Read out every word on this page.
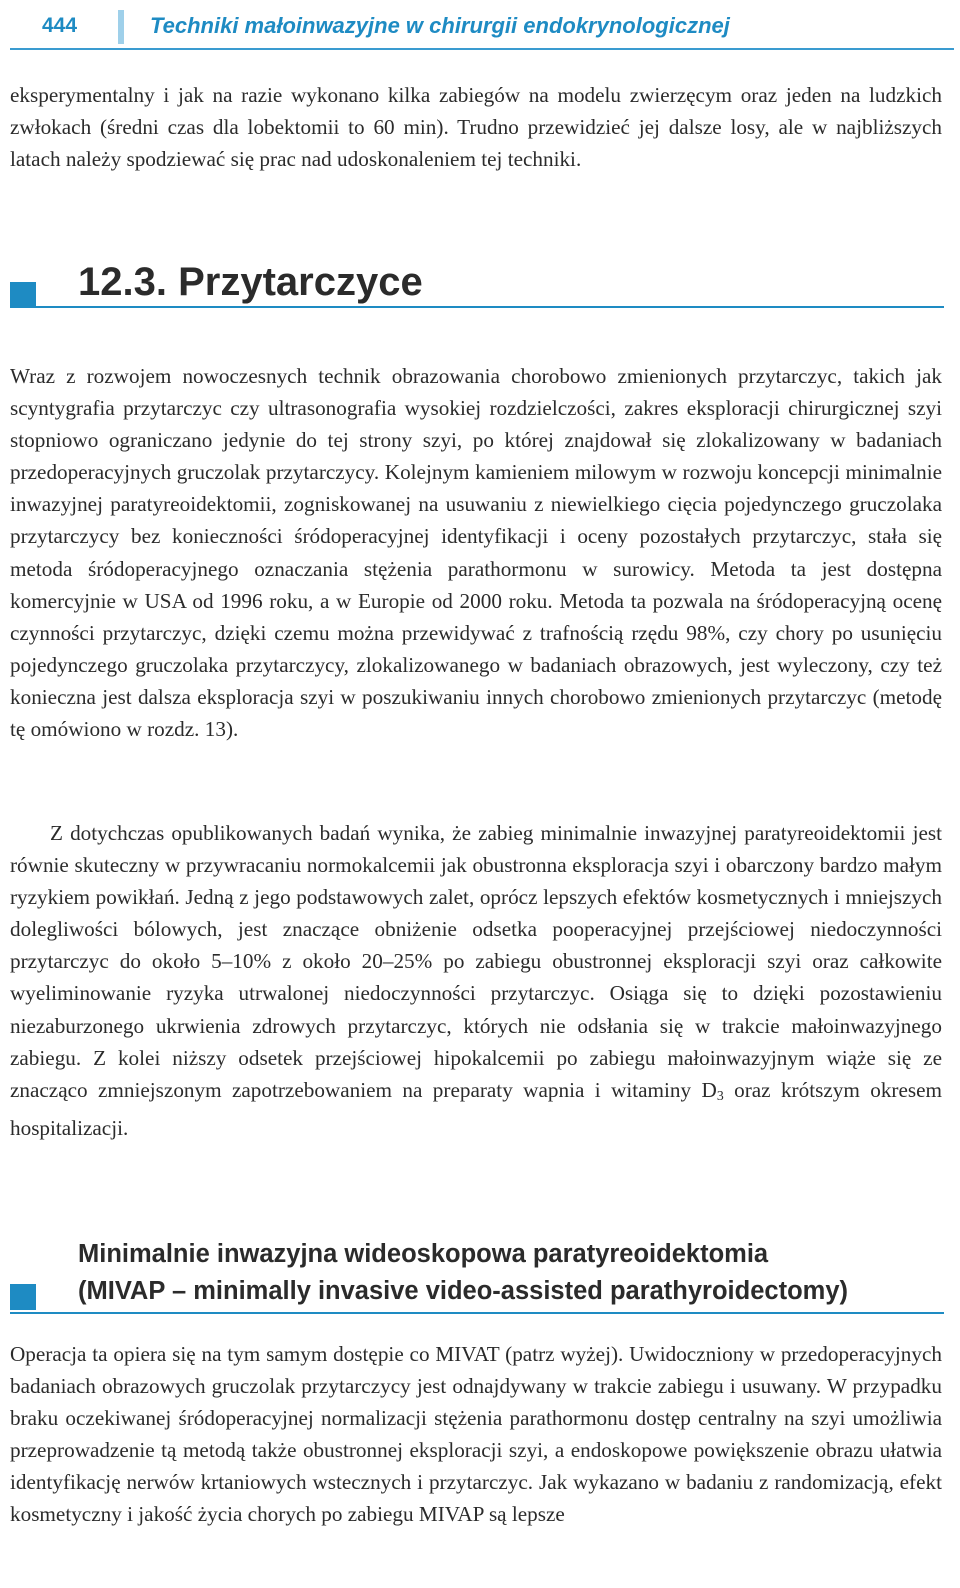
444	Techniki małoinwazyjne w chirurgii endokrynologicznej

eksperymentalny i jak na razie wykonano kilka zabiegów na modelu zwierzęcym oraz jeden na ludzkich zwłokach (średni czas dla lobektomii to 60 min). Trudno przewidzieć jej dalsze losy, ale w najbliższych latach należy spodziewać się prac nad udoskonaleniem tej techniki.

12.3. Przytarczyce

Wraz z rozwojem nowoczesnych technik obrazowania chorobowo zmienionych przytarczyc, takich jak scyntygrafia przytarczyc czy ultrasonografia wysokiej rozdzielczości, zakres eksploracji chirurgicznej szyi stopniowo ograniczano jedynie do tej strony szyi, po której znajdował się zlokalizowany w badaniach przedoperacyjnych gruczolak przytarczycy. Kolejnym kamieniem milowym w rozwoju koncepcji minimalnie inwazyjnej paratyreoidektomii, zogniskowanej na usuwaniu z niewielkiego cięcia pojedynczego gruczolaka przytarczycy bez konieczności śródoperacyjnej identyfikacji i oceny pozostałych przytarczyc, stała się metoda śródoperacyjnego oznaczania stężenia parathormonu w surowicy. Metoda ta jest dostępna komercyjnie w USA od 1996 roku, a w Europie od 2000 roku. Metoda ta pozwala na śródoperacyjną ocenę czynności przytarczyc, dzięki czemu można przewidywać z trafnością rzędu 98%, czy chory po usunięciu pojedynczego gruczolaka przytarczycy, zlokalizowanego w badaniach obrazowych, jest wyleczony, czy też konieczna jest dalsza eksploracja szyi w poszukiwaniu innych chorobowo zmienionych przytarczyc (metodę tę omówiono w rozdz. 13).

Z dotychczas opublikowanych badań wynika, że zabieg minimalnie inwazyjnej paratyreoidektomii jest równie skuteczny w przywracaniu normokalcemii jak obustronna eksploracja szyi i obarczony bardzo małym ryzykiem powikłań. Jedną z jego podstawowych zalet, oprócz lepszych efektów kosmetycznych i mniejszych dolegliwości bólowych, jest znaczące obniżenie odsetka pooperacyjnej przejściowej niedoczynności przytarczyc do około 5–10% z około 20–25% po zabiegu obustronnej eksploracji szyi oraz całkowite wyeliminowanie ryzyka utrwalonej niedoczynności przytarczyc. Osiąga się to dzięki pozostawieniu niezaburzonego ukrwienia zdrowych przytarczyc, których nie odsłania się w trakcie małoinwazyjnego zabiegu. Z kolei niższy odsetek przejściowej hipokalcemii po zabiegu małoinwazyjnym wiąże się ze znacząco zmniejszonym zapotrzebowaniem na preparaty wapnia i witaminy $D_3$ oraz krótszym okresem hospitalizacji.

Minimalnie inwazyjna wideoskopowa paratyreoidektomia
(MIVAP – minimally invasive video-assisted parathyroidectomy)

Operacja ta opiera się na tym samym dostępie co MIVAT (patrz wyżej). Uwidoczniony w przedoperacyjnych badaniach obrazowych gruczolak przytarczycy jest odnajdywany w trakcie zabiegu i usuwany. W przypadku braku oczekiwanej śródoperacyjnej normalizacji stężenia parathormonu dostęp centralny na szyi umożliwia przeprowadzenie tą metodą także obustronnej eksploracji szyi, a endoskopowe powiększenie obrazu ułatwia identyfikację nerwów krtaniowych wstecznych i przytarczyc. Jak wykazano w badaniu z randomizacją, efekt kosmetyczny i jakość życia chorych po zabiegu MIVAP są lepsze
